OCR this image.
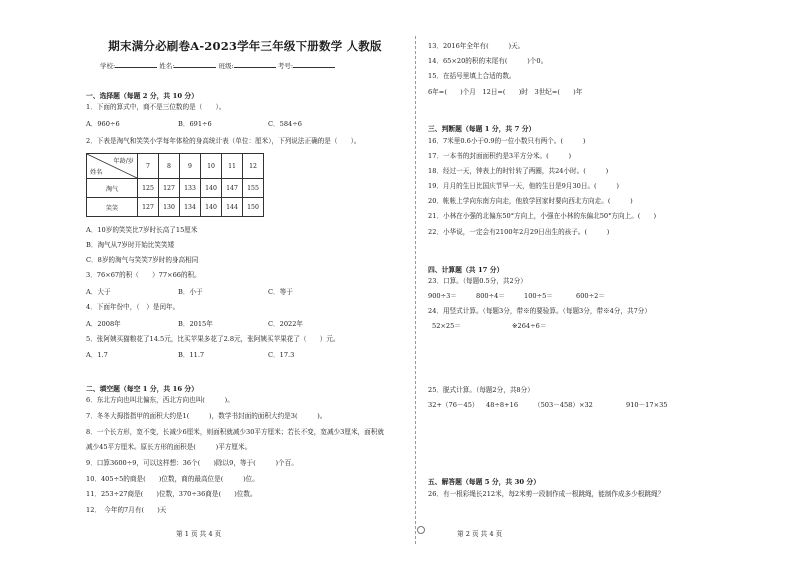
期末满分必刷卷A-2023学年三年级下册数学 人教版
学校:	姓名:	班级:	考号:
一、选择题（每题 2 分，共 10 分）
1．下面的算式中，商不是三位数的是（　　）。
A．960÷6	B．691÷6	C．584÷6
2．下表是淘气和笑笑小学每年体检的身高统计表（单位：厘米），下列说法正确的是（　　）。
年龄/岁
姓名	7	8	9	10	11	12
淘气	125	127	133	140	147	155
笑笑	127	130	134	140	144	150
A．10岁的笑笑比7岁时长高了15厘米
B．淘气从7岁时开始比笑笑矮
C．8岁的淘气与笑笑7岁时的身高相同
3．76×67的积（　　）77×66的积。
A．大于	B．小于	C．等于
4．下面年份中，（　）是闰年。
A．2008年	B．2015年	C．2022年
5．张阿姨买猫粮花了14.5元，比买苹果多花了2.8元，张阿姨买苹果花了（　　）元。
A．1.7	B．11.7	C．17.3
二、填空题（每空 1 分，共 16 分）
6．东北方向也叫北偏东，西北方向也叫(　　　)。
7．冬冬大拇指指甲的面积大约是1(　　　)，数学书封面的面积大约是3(　　　)。
8．一个长方形，宽不变，长减少6厘米，则面积就减少30平方厘米；若长不变，宽减少3厘米，面积就
减少45平方厘米。原长方形的面积是(　　　)平方厘米。
9．口算3600÷9，可以这样想：36个(　　)除以9，等于(　　　)个百。
10．405÷5的商是(　　)位数，商的最高位是(　　　)位。
11．253÷27商是(　　)位数，370÷36商是(　　)位数。
12．　今年的7月有(　　)天
13．2016年全年有(　　　)天。
14．65×20的积的末尾有(　　　)个0。
15．在括号里填上合适的数。
6年=(　　)个月　12日=(　　)时　3世纪=(　　)年
三、判断题（每题 1 分，共 7 分）
16．7米里0.6小于0.9的一位小数只有两个。(　　　)
17．一本书的封面面积约是3平方分米。(　　　)
18．经过一天，钟表上的时针转了两圈，共24小时。(　　　)
19．月月的生日比国庆节早一天，他的生日是9月30日。(　　　)
20．帐帐上学向东南方向走，他放学回家时要向西北方向走。(　　　)
21．小林在小强的北偏东50°方向上，小强在小林的东偏北50°方向上。(　　)
22．小华说，一定会有2100年2月29日出生的孩子。(　　　)
四、计算题（共 17 分）
23．口算。（每题0.5分，共2分）
900÷3＝	800÷4＝	100÷5＝	600÷2＝
24．用竖式计算。（每题3分，带※的要验算。（每题3分，带※4分，共7分）
52×25＝	※264÷6＝
25．脱式计算。（每题2分，共8分）
32+（76－45） 48÷8+16 （503－458）×32	910－17×35
五、解答题（每题 5 分，共 30 分）
26．有一根彩绳长212米，每2米剪一段制作成一根跳绳，能制作成多少根跳绳？
第 1 页 共 4 页	第 2 页 共 4 页
